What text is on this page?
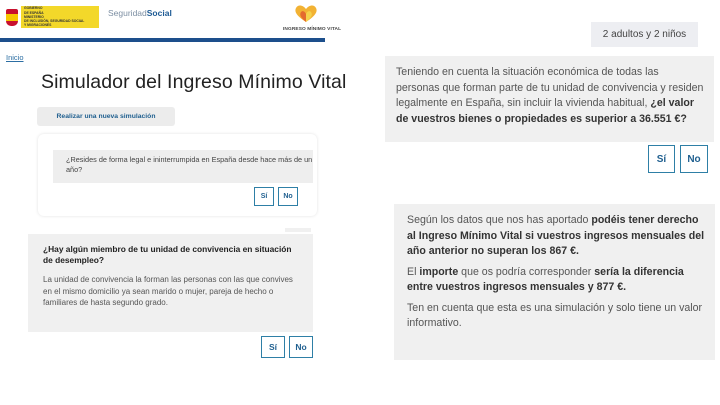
GOBIERNO
DE ESPAÑA
MINISTERIO
DE INCLUSIÓN, SEGURIDAD SOCIAL
Y MIGRACIONES
SeguridadSocial
INGRESO MÍNIMO VITAL
Inicio
Simulador del Ingreso Mínimo Vital
Realizar una nueva simulación
¿Resides de forma legal e ininterrumpida en España desde hace más de un año?
Sí	No
¿Hay algún miembro de tu unidad de convivencia en situación de desempleo?
La unidad de convivencia la forman las personas con las que convives en el mismo domicilio ya sean marido o mujer, pareja de hecho o familiares de hasta segundo grado.
Sí	No
2 adultos y 2 niños
Teniendo en cuenta la situación económica de todas las personas que forman parte de tu unidad de convivencia y residen legalmente en España, sin incluir la vivienda habitual, ¿el valor de vuestros bienes o propiedades es superior a 36.551 €?
Sí	No

Según los datos que nos has aportado podéis tener derecho al Ingreso Mínimo Vital si vuestros ingresos mensuales del año anterior no superan los 867 €.

El importe que os podría corresponder sería la diferencia entre vuestros ingresos mensuales y 877 €.

Ten en cuenta que esta es una simulación y solo tiene un valor informativo.
